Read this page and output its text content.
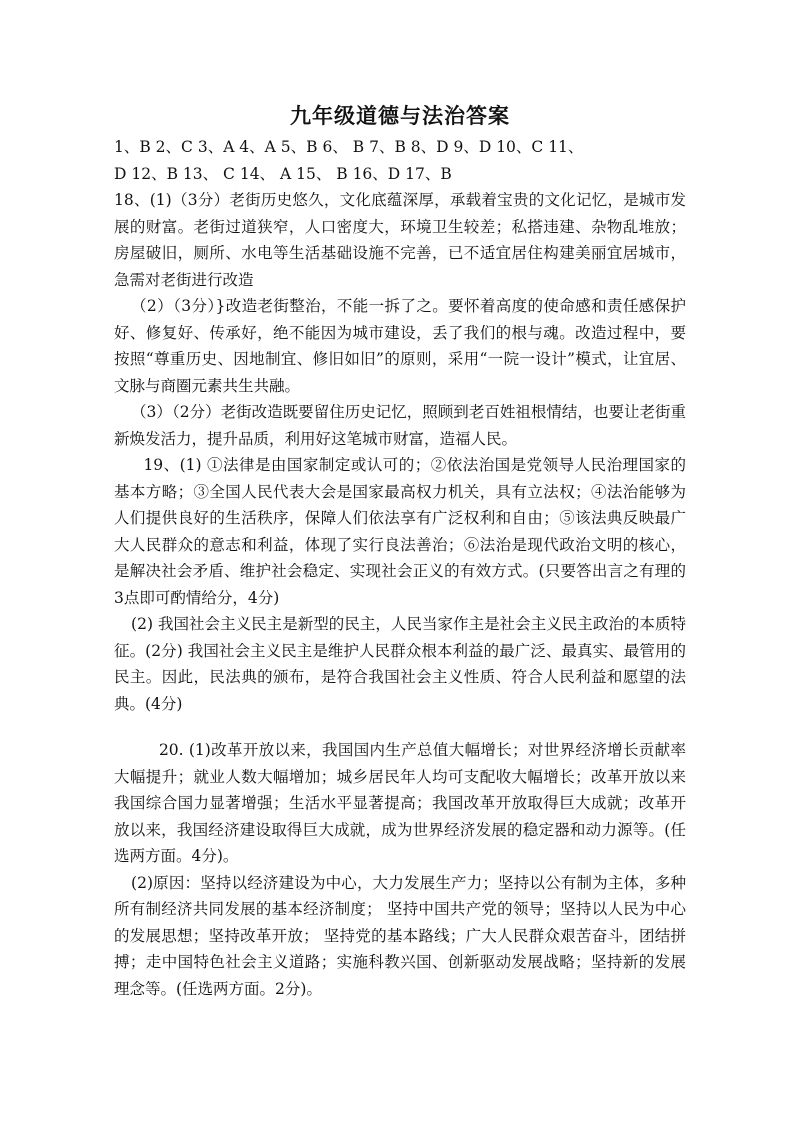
九年级道德与法治答案

1、B 2、C 3、A 4、A 5、B 6、 B 7、B 8、D 9、D 10、C 11、

D 12、B 13、 C 14、 A 15、 B 16、D 17、B

18、(1)（3分）老街历史悠久，文化底蕴深厚，承载着宝贵的文化记忆，是城市发展的财富。老街过道狭窄，人口密度大，环境卫生较差；私搭违建、杂物乱堆放；房屋破旧，厕所、水电等生活基础设施不完善，已不适宜居住构建美丽宜居城市，急需对老街进行改造

（2）（3分）}改造老街整治，不能一拆了之。要怀着高度的使命感和责任感保护好、修复好、传承好，绝不能因为城市建设，丢了我们的根与魂。改造过程中，要按照“尊重历史、因地制宜、修旧如旧”的原则，采用“一院一设计”模式，让宜居、文脉与商圈元素共生共融。

（3）（2分）老街改造既要留住历史记忆，照顾到老百姓祖根情结，也要让老街重新焕发活力，提升品质，利用好这笔城市财富，造福人民。

19、(1) ①法律是由国家制定或认可的；②依法治国是党领导人民治理国家的基本方略；③全国人民代表大会是国家最高权力机关，具有立法权；④法治能够为人们提供良好的生活秩序，保障人们依法享有广泛权利和自由；⑤该法典反映最广大人民群众的意志和利益，体现了实行良法善治；⑥法治是现代政治文明的核心，是解决社会矛盾、维护社会稳定、实现社会正义的有效方式。(只要答出言之有理的3点即可酌情给分，4分)

(2) 我国社会主义民主是新型的民主，人民当家作主是社会主义民主政治的本质特征。(2分) 我国社会主义民主是维护人民群众根本利益的最广泛、最真实、最管用的民主。因此，民法典的颁布，是符合我国社会主义性质、符合人民利益和愿望的法典。(4分)

20. (1)改革开放以来，我国国内生产总值大幅增长；对世界经济增长贡献率大幅提升；就业人数大幅增加；城乡居民年人均可支配收大幅增长；改革开放以来我国综合国力显著增强；生活水平显著提高；我国改革开放取得巨大成就；改革开放以来，我国经济建设取得巨大成就，成为世界经济发展的稳定器和动力源等。(任选两方面。4分)。

(2)原因：坚持以经济建设为中心，大力发展生产力；坚持以公有制为主体，多种所有制经济共同发展的基本经济制度； 坚持中国共产党的领导；坚持以人民为中心的发展思想；坚持改革开放； 坚持党的基本路线；广大人民群众艰苦奋斗，团结拼搏；走中国特色社会主义道路；实施科教兴国、创新驱动发展战略；坚持新的发展理念等。(任选两方面。2分)。
